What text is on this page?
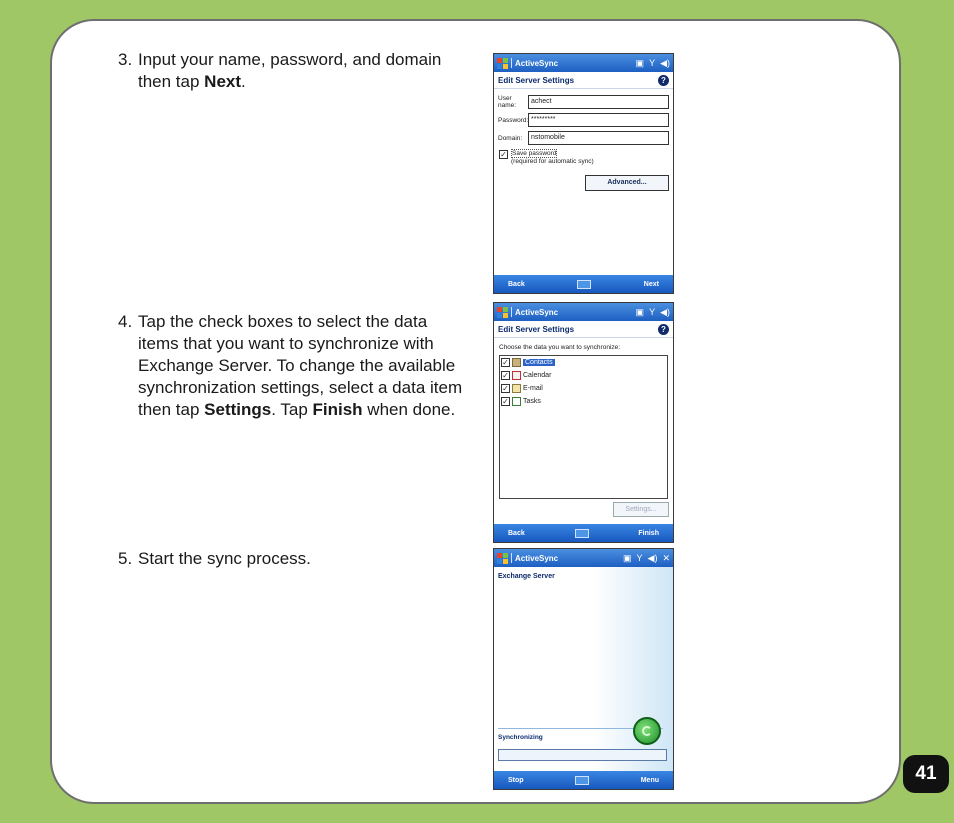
3. Input your name, password, and domain then tap Next.
4. Tap the check boxes to select the data items that you want to synchronize with Exchange Server. To change the available synchronization settings, select a data item then tap Settings. Tap Finish when done.
5. Start the sync process.
ActiveSync	▣ Y ◀)
Edit Server Settings	?
User name:
achect
Password: *********
Domain:	nstomobile
✓ Save password
(required for automatic sync)
Advanced...
Back	Next
ActiveSync	▣ Y ◀)
Edit Server Settings	?
Choose the data you want to synchronize:
✓ Contacts
✓ Calendar
✓ E-mail
✓ Tasks
Settings...
Back	Finish
ActiveSync	▣ Y ◀) ✕
Exchange Server
Synchronizing
Stop	Menu	41
